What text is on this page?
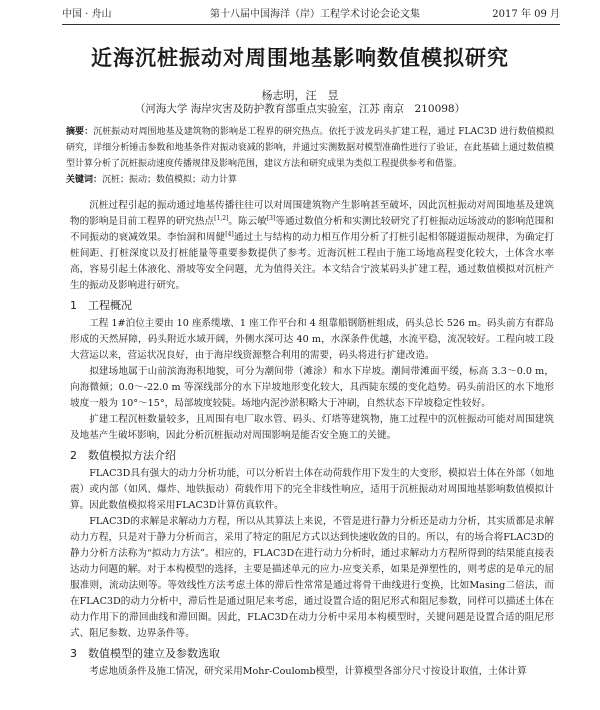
中国 · 舟山	第十八届中国海洋（岸）工程学术讨论会论文集	2017 年 09 月
近海沉桩振动对周围地基影响数值模拟研究
杨志明，汪　昱
（河海大学 海岸灾害及防护教育部重点实验室，江苏 南京　210098）
摘要：沉桩振动对周围地基及建筑物的影响是工程界的研究热点。依托于波龙码头扩建工程，通过 FLAC3D 进行数值模拟研究，详细分析锤击参数和地基条件对振动衰减的影响，并通过实测数据对模型准确性进行了验证，在此基础上通过数值模型计算分析了沉桩振动速度传播规律及影响范围，建议方法和研究成果为类似工程提供参考和借鉴。
关键词：沉桩；振动；数值模拟；动力计算

沉桩过程引起的振动通过地基传播往往可以对周围建筑物产生影响甚至破坏，因此沉桩振动对周围地基及建筑物的影响是目前工程界的研究热点[1,2]。陈云敏[3]等通过数值分析和实测比较研究了打桩振动远场波动的影响范围和不同振动的衰减效果。李怡洞和周健[4]通过土与结构的动力相互作用分析了打桩引起相邻隧道振动规律，为确定打桩间距、打桩深度以及打桩能量等重要参数提供了参考。近海沉桩工程由于施工场地高程变化较大，土体含水率高，容易引起土体液化、滑坡等安全问题，尤为值得关注。本文结合宁波某码头扩建工程，通过数值模拟对沉桩产生的振动及影响进行研究。

1　工程概况

工程 1#泊位主要由 10 座系缆墩、1 座工作平台和 4 组靠船钢筋桩组成，码头总长 526 m。码头前方有群岛形成的天然屏障，码头附近水域开阔，外侧水深可达 40 m，水深条件优越，水流平稳，流况较好。工程向坡工段大营运以来，营运状况良好，由于海岸线资源整合利用的需要，码头将进行扩建改造。

拟建场地属于山前滨海海积地貌，可分为潮间带（滩涂）和水下岸坡。潮间带滩面平缓，标高 3.3～0.0 m，向海微倾；0.0～-22.0 m 等深线部分的水下岸坡地形变化较大，具西陡东缓的变化趋势。码头前沿区的水下地形坡度一般为 10°～15°，局部坡度较陡。场地内泥沙淤积略大于冲刷，自然状态下岸坡稳定性较好。

扩建工程沉桩数量较多，且周围有电厂取水管、码头、灯塔等建筑物，施工过程中的沉桩振动可能对周围建筑及地基产生破坏影响，因此分析沉桩振动对周围影响是能否安全施工的关键。

2　数值模拟方法介绍

FLAC3D具有强大的动力分析功能，可以分析岩土体在动荷载作用下发生的大变形，模拟岩土体在外部（如地震）或内部（如风、爆炸、地铁振动）荷载作用下的完全非线性响应，适用于沉桩振动对周围地基影响数值模拟计算。因此数值模拟将采用FLAC3D计算仿真软件。

FLAC3D的求解是求解动力方程，所以从其算法上来说，不管是进行静力分析还是动力分析，其实质都是求解动力方程，只是对于静力分析而言，采用了特定的阻尼方式以达到快速收敛的目的。所以，有的场合将FLAC3D的静力分析方法称为“拟动力方法”。相应的，FLAC3D在进行动力分析时，通过求解动力方程所得到的结果能直接表达动力问题的解。对于本构模型的选择，主要是描述单元的应力-应变关系，如果是弹塑性的，则考虑的是单元的屈服准则，流动法则等。等效线性方法考虑土体的滞后性常常是通过将骨干曲线进行变换，比如Masing二倍法，而在FLAC3D的动力分析中，滞后性是通过阻尼来考虑，通过设置合适的阻尼形式和阻尼参数，同样可以描述土体在动力作用下的滞回曲线和滞回圈。因此，FLAC3D在动力分析中采用本构模型时，关键问题是设置合适的阻尼形式、阻尼参数、边界条件等。

3　数值模型的建立及参数选取

考虑地质条件及施工情况，研究采用Mohr-Coulomb模型，计算模型各部分尺寸按设计取值，土体计算
